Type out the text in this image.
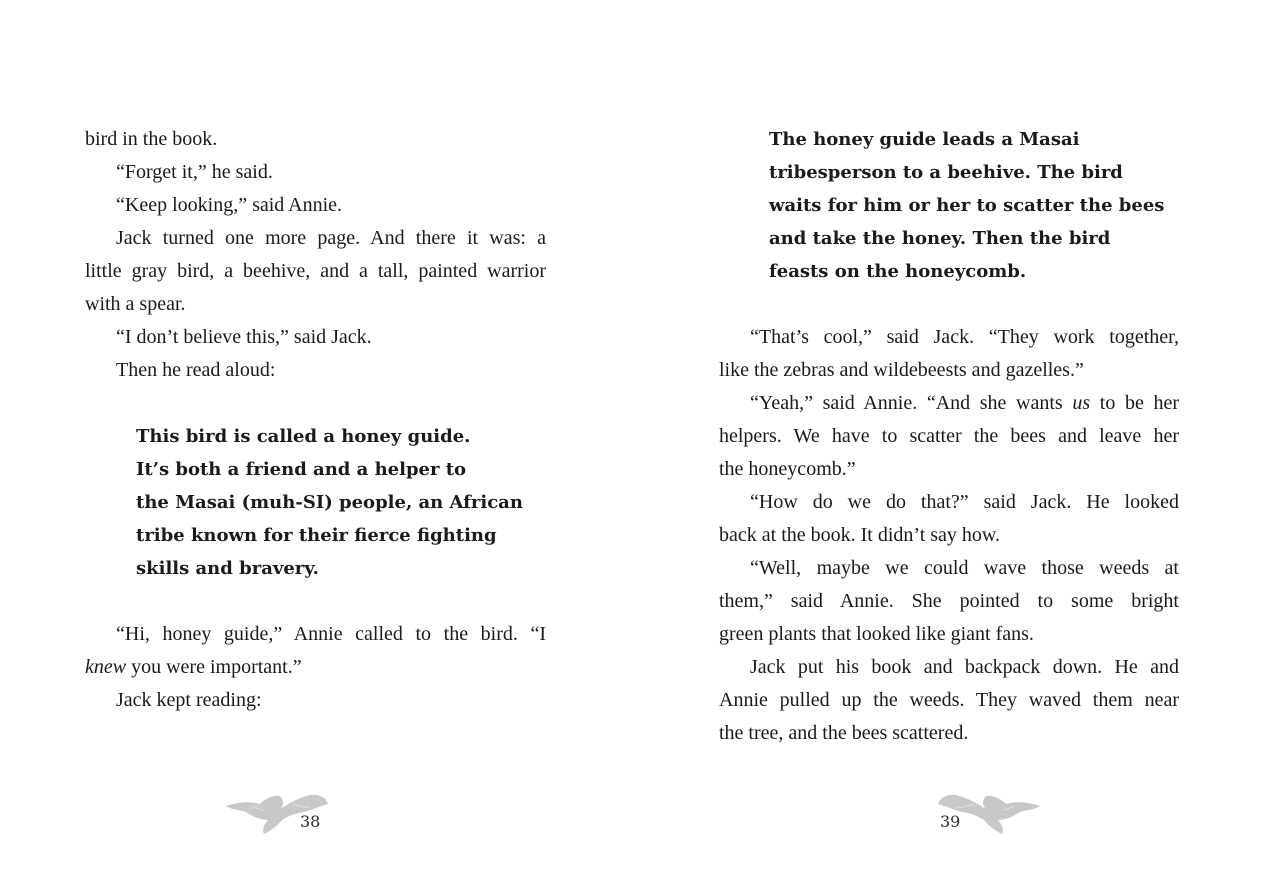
bird in the book.
“Forget it,” he said.
“Keep looking,” said Annie.
Jack turned one more page. And there it was: a
little gray bird, a beehive, and a tall, painted warrior
with a spear.
“I don’t believe this,” said Jack.
Then he read aloud:
This bird is called a honey guide.
It’s both a friend and a helper to
the Masai (muh-SI) people, an African
tribe known for their fierce fighting
skills and bravery.
“Hi, honey guide,” Annie called to the bird. “I
knew you were important.”
Jack kept reading:
The honey guide leads a Masai
tribesperson to a beehive. The bird
waits for him or her to scatter the bees
and take the honey. Then the bird
feasts on the honeycomb.
“That’s cool,” said Jack. “They work together,
like the zebras and wildebeests and gazelles.”
“Yeah,” said Annie. “And she wants us to be her
helpers. We have to scatter the bees and leave her
the honeycomb.”
“How do we do that?” said Jack. He looked
back at the book. It didn’t say how.
“Well, maybe we could wave those weeds at
them,” said Annie. She pointed to some bright
green plants that looked like giant fans.
Jack put his book and backpack down. He and
Annie pulled up the weeds. They waved them near
the tree, and the bees scattered.
38	39
